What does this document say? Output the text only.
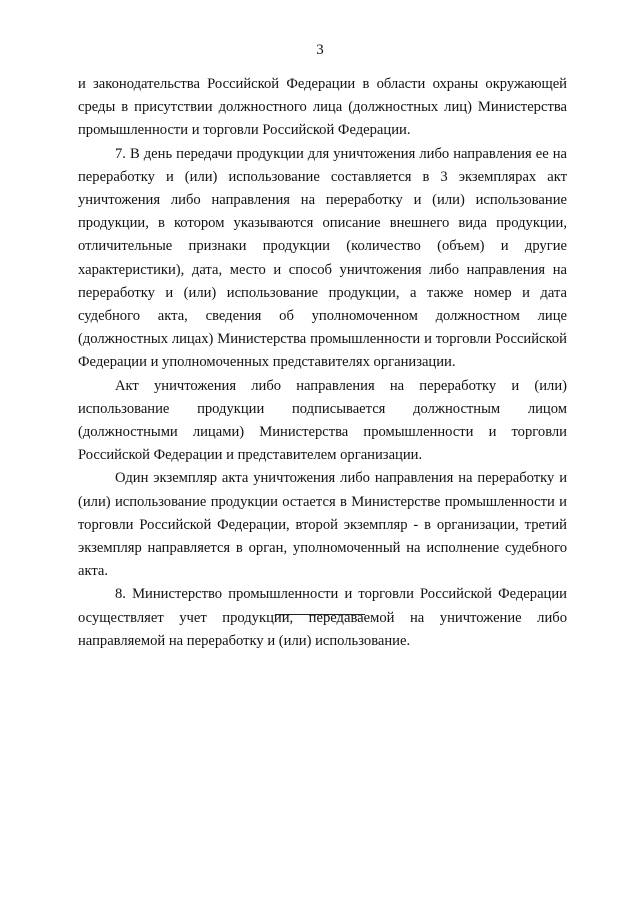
3

и законодательства Российской Федерации в области охраны окружающей среды в присутствии должностного лица (должностных лиц) Министерства промышленности и торговли Российской Федерации.

7. В день передачи продукции для уничтожения либо направления ее на переработку и (или) использование составляется в 3 экземплярах акт уничтожения либо направления на переработку и (или) использование продукции, в котором указываются описание внешнего вида продукции, отличительные признаки продукции (количество (объем) и другие характеристики), дата, место и способ уничтожения либо направления на переработку и (или) использование продукции, а также номер и дата судебного акта, сведения об уполномоченном должностном лице (должностных лицах) Министерства промышленности и торговли Российской Федерации и уполномоченных представителях организации.

Акт уничтожения либо направления на переработку и (или) использование продукции подписывается должностным лицом (должностными лицами) Министерства промышленности и торговли Российской Федерации и представителем организации.

Один экземпляр акта уничтожения либо направления на переработку и (или) использование продукции остается в Министерстве промышленности и торговли Российской Федерации, второй экземпляр - в организации, третий экземпляр направляется в орган, уполномоченный на исполнение судебного акта.

8. Министерство промышленности и торговли Российской Федерации осуществляет учет продукции, передаваемой на уничтожение либо направляемой на переработку и (или) использование.
